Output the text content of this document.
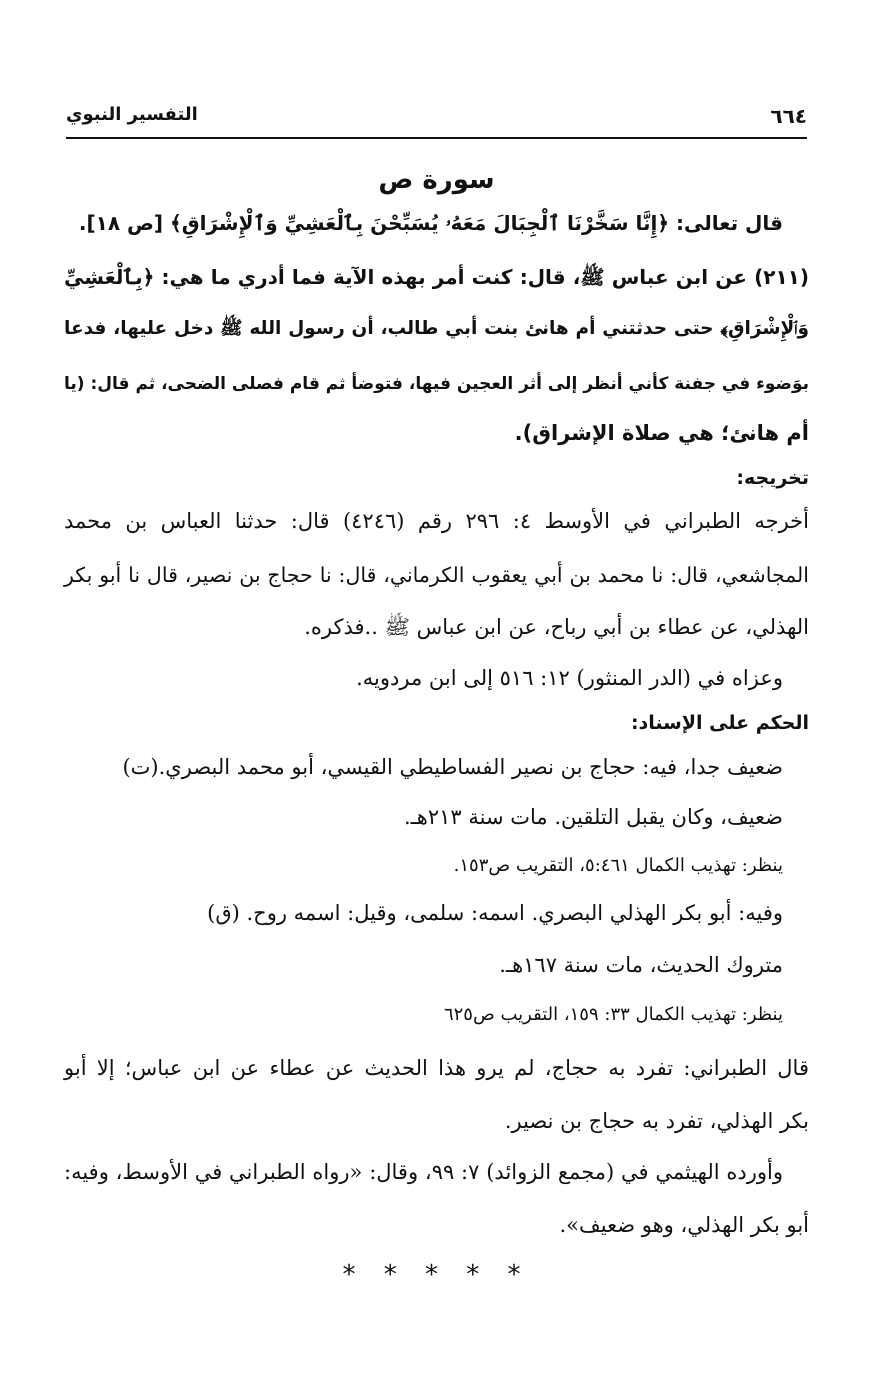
٦٦٤
التفسير النبوي
سورة ص
قال تعالى: ﴿إِنَّا سَخَّرْنَا ٱلْجِبَالَ مَعَهُۥ يُسَبِّحْنَ بِٱلْعَشِيِّ وَٱلْإِشْرَاقِ﴾ [ص ١٨].
(٢١١) عن ابن عباس ﷺ، قال: كنت أمر بهذه الآية فما أدري ما هي: ﴿بِٱلْعَشِيِّ
وَٱلْإِشْرَاقِ﴾ حتى حدثتني أم هانئ بنت أبي طالب، أن رسول الله ﷺ دخل عليها، فدعا
بوَضوء في جفنة كأني أنظر إلى أثر العجين فيها، فتوضأ ثم قام فصلى الضحى، ثم قال: (يا
أم هانئ؛ هي صلاة الإشراق).
تخريجه:
أخرجه الطبراني في الأوسط ٤: ٢٩٦ رقم (٤٢٤٦) قال: حدثنا العباس بن محمد
المجاشعي، قال: نا محمد بن أبي يعقوب الكرماني، قال: نا حجاج بن نصير، قال نا أبو بكر
الهذلي، عن عطاء بن أبي رباح، عن ابن عباس ﷺ ..فذكره.
وعزاه في (الدر المنثور) ١٢: ٥١٦ إلى ابن مردويه.
الحكم على الإسناد:
ضعيف جدا، فيه: حجاج بن نصير الفساطيطي القيسي، أبو محمد البصري.(ت)
ضعيف، وكان يقبل التلقين. مات سنة ٢١٣هـ.
ينظر: تهذيب الكمال ٥:٤٦١، التقريب ص١٥٣.
وفيه: أبو بكر الهذلي البصري. اسمه: سلمى، وقيل: اسمه روح. (ق)
متروك الحديث، مات سنة ١٦٧هـ.
ينظر: تهذيب الكمال ٣٣: ١٥٩، التقريب ص٦٢٥
قال الطبراني: تفرد به حجاج، لم يرو هذا الحديث عن عطاء عن ابن عباس؛ إلا أبو
بكر الهذلي، تفرد به حجاج بن نصير.
وأورده الهيثمي في (مجمع الزوائد) ٧: ٩٩، وقال: «رواه الطبراني في الأوسط، وفيه:
أبو بكر الهذلي، وهو ضعيف».
* * * * *
